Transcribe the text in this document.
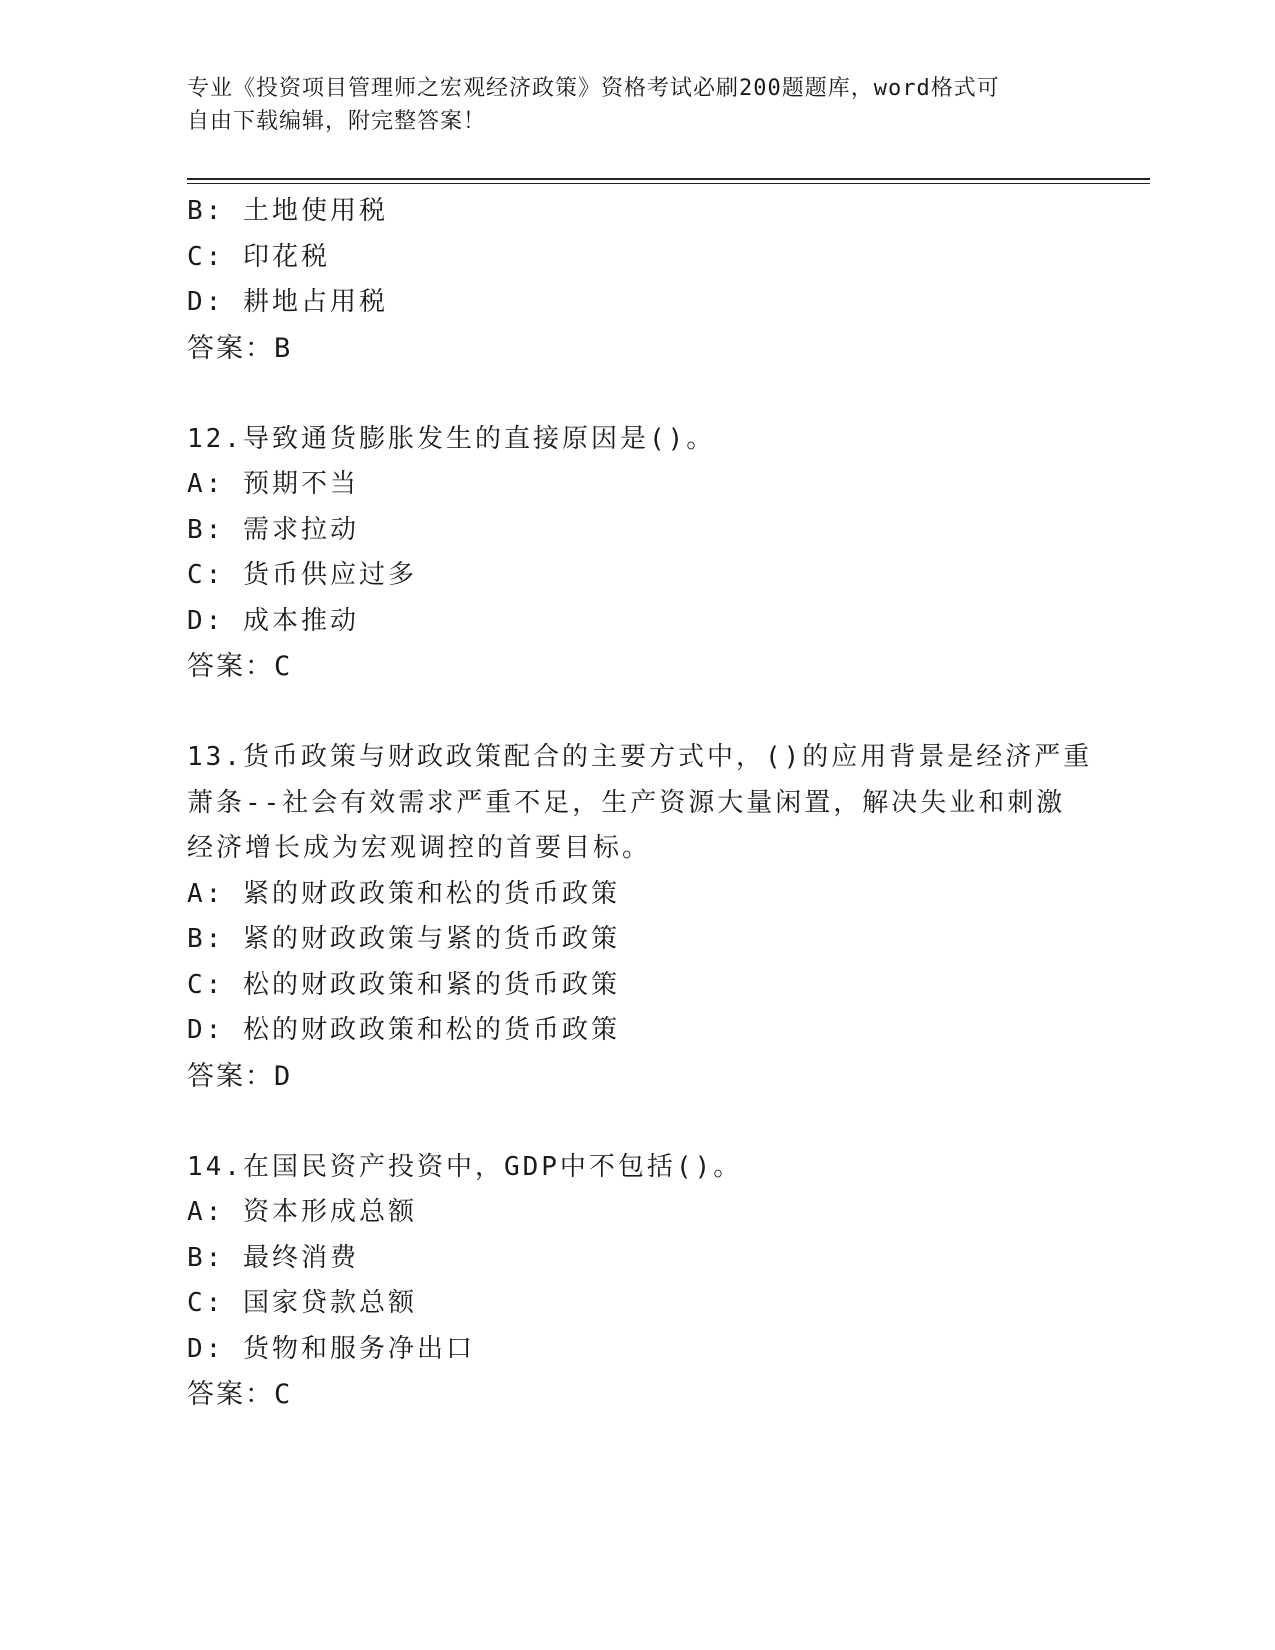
专业《投资项目管理师之宏观经济政策》资格考试必刷200题题库，word格式可
自由下载编辑，附完整答案！
B: 土地使用税
C: 印花税
D: 耕地占用税
答案：B
12.导致通货膨胀发生的直接原因是()。
A: 预期不当
B: 需求拉动
C: 货币供应过多
D: 成本推动
答案：C
13.货币政策与财政政策配合的主要方式中，()的应用背景是经济严重
萧条--社会有效需求严重不足，生产资源大量闲置，解决失业和刺激
经济增长成为宏观调控的首要目标。
A: 紧的财政政策和松的货币政策
B: 紧的财政政策与紧的货币政策
C: 松的财政政策和紧的货币政策
D: 松的财政政策和松的货币政策
答案：D
14.在国民资产投资中，GDP中不包括()。
A: 资本形成总额
B: 最终消费
C: 国家贷款总额
D: 货物和服务净出口
答案：C
